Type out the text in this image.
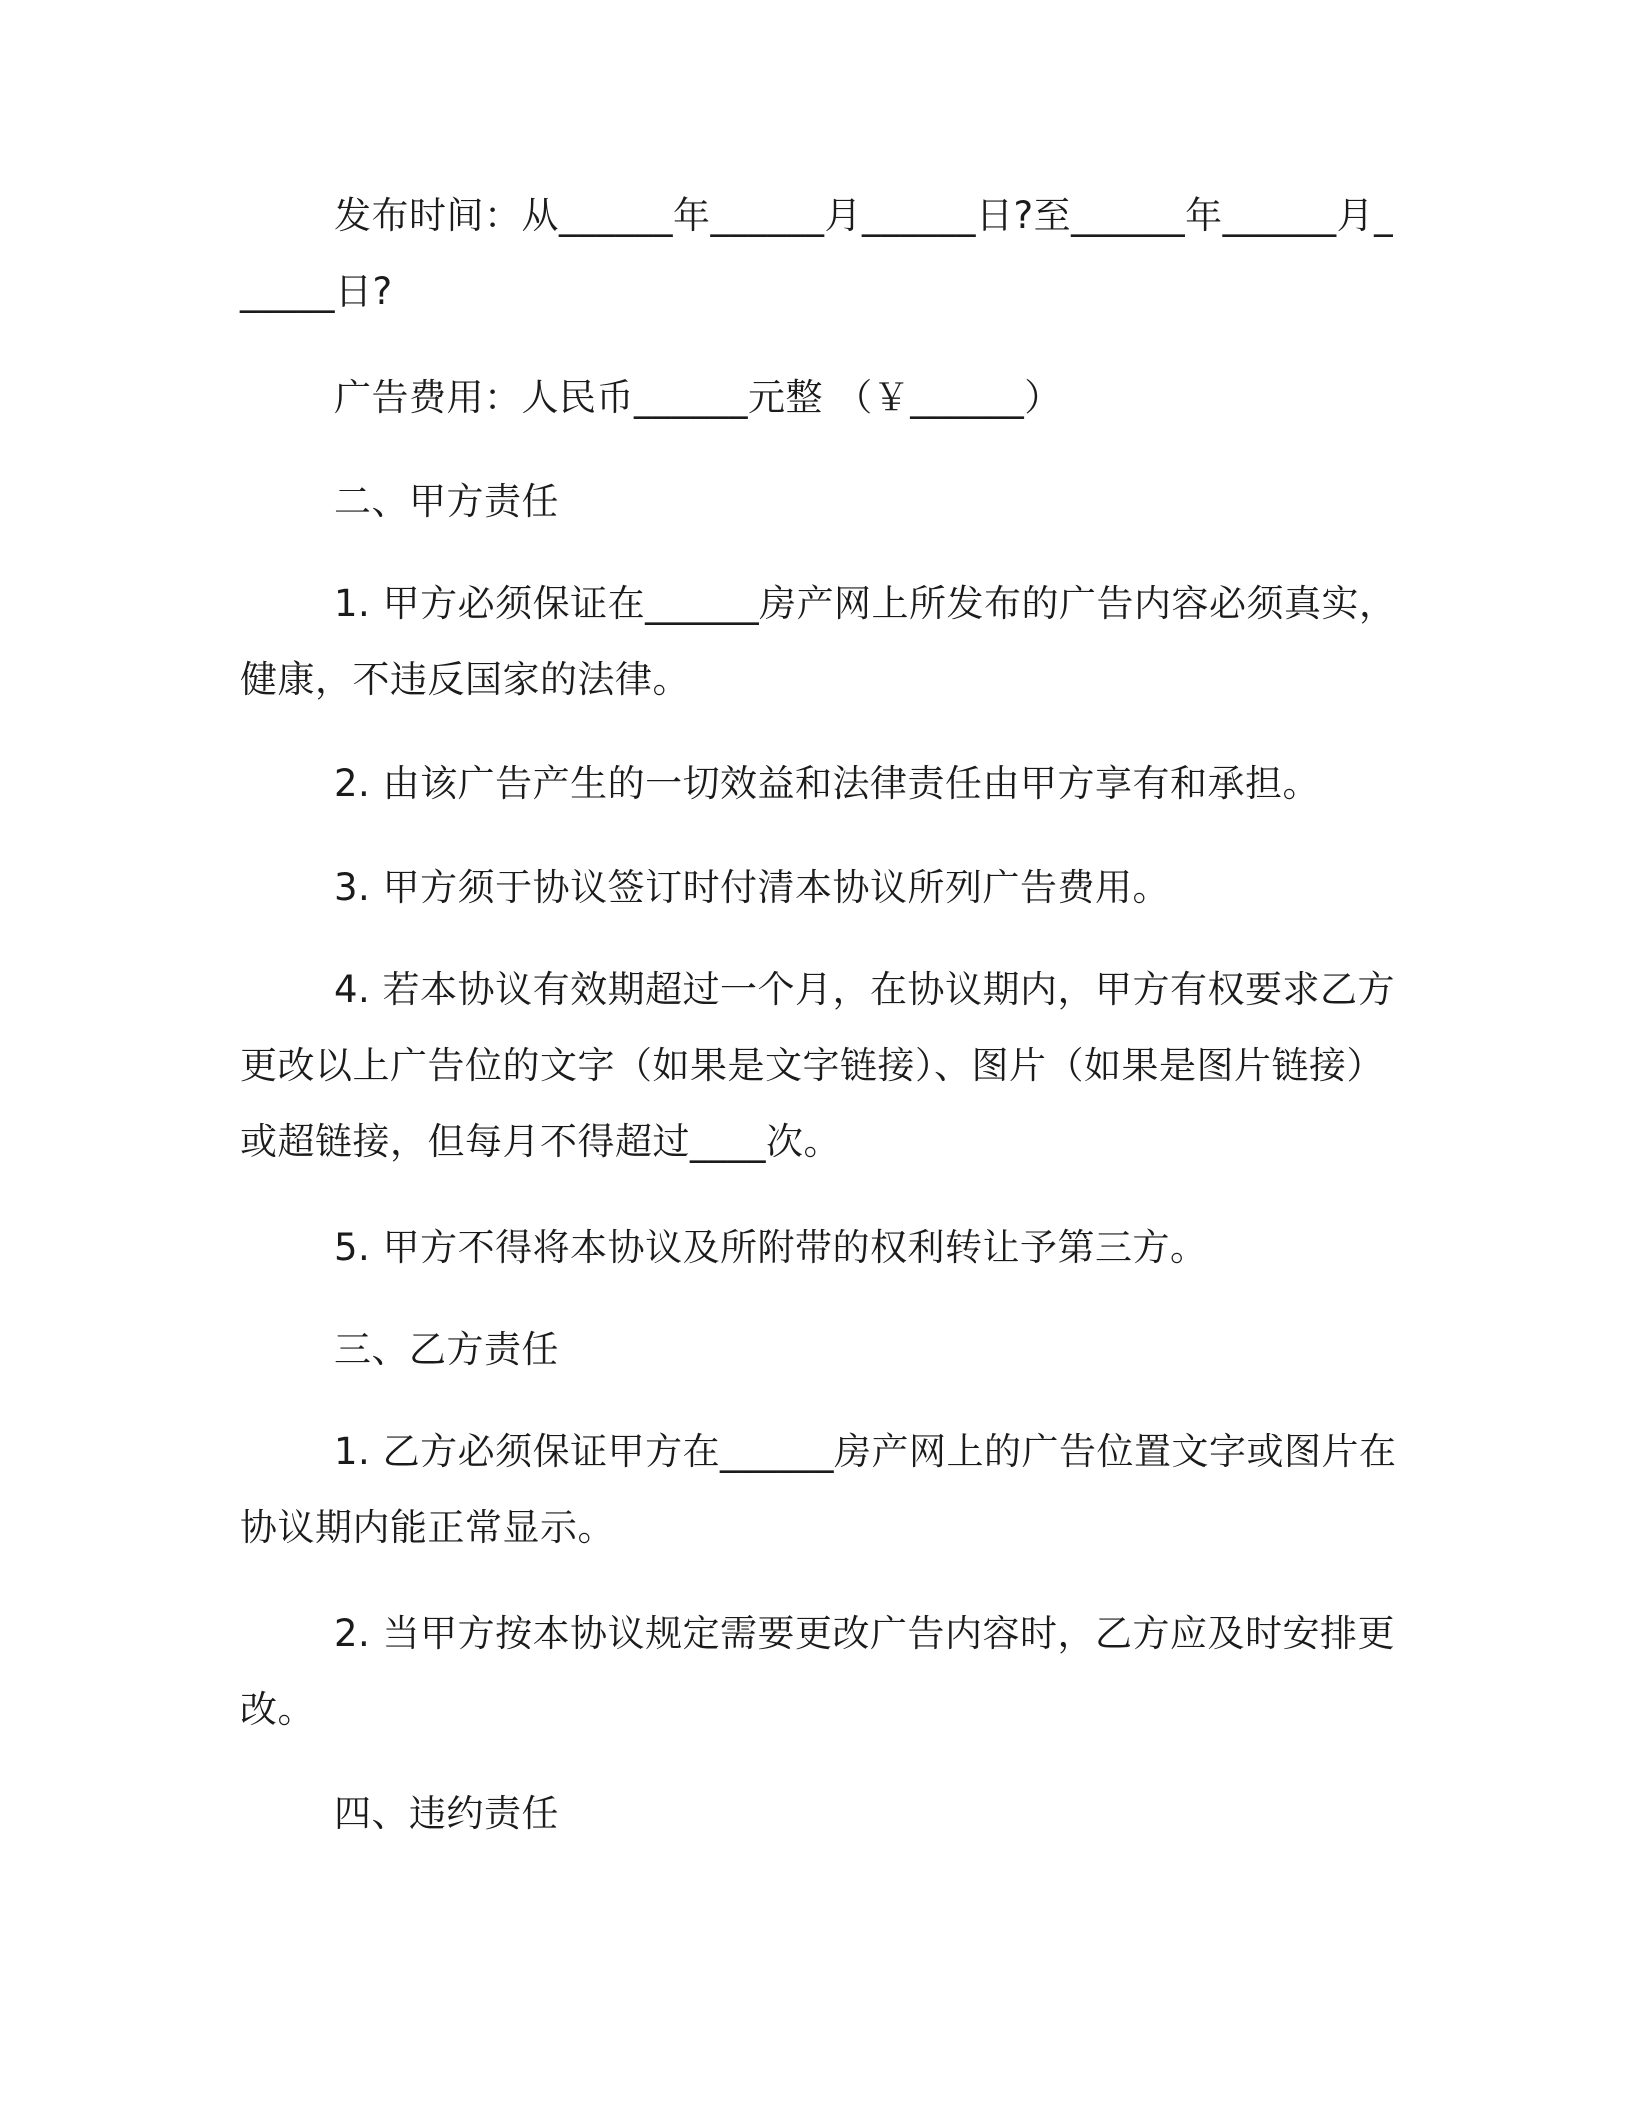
发布时间：从______年______月______日?至______年______月______日?

广告费用：人民币______元整 （￥______）

二、甲方责任

1. 甲方必须保证在______房产网上所发布的广告内容必须真实，健康，不违反国家的法律。

2. 由该广告产生的一切效益和法律责任由甲方享有和承担。

3. 甲方须于协议签订时付清本协议所列广告费用。

4. 若本协议有效期超过一个月，在协议期内，甲方有权要求乙方更改以上广告位的文字（如果是文字链接）、图片（如果是图片链接）或超链接，但每月不得超过____次。

5. 甲方不得将本协议及所附带的权利转让予第三方。

三、乙方责任

1. 乙方必须保证甲方在______房产网上的广告位置文字或图片在协议期内能正常显示。

2. 当甲方按本协议规定需要更改广告内容时，乙方应及时安排更改。

四、违约责任
